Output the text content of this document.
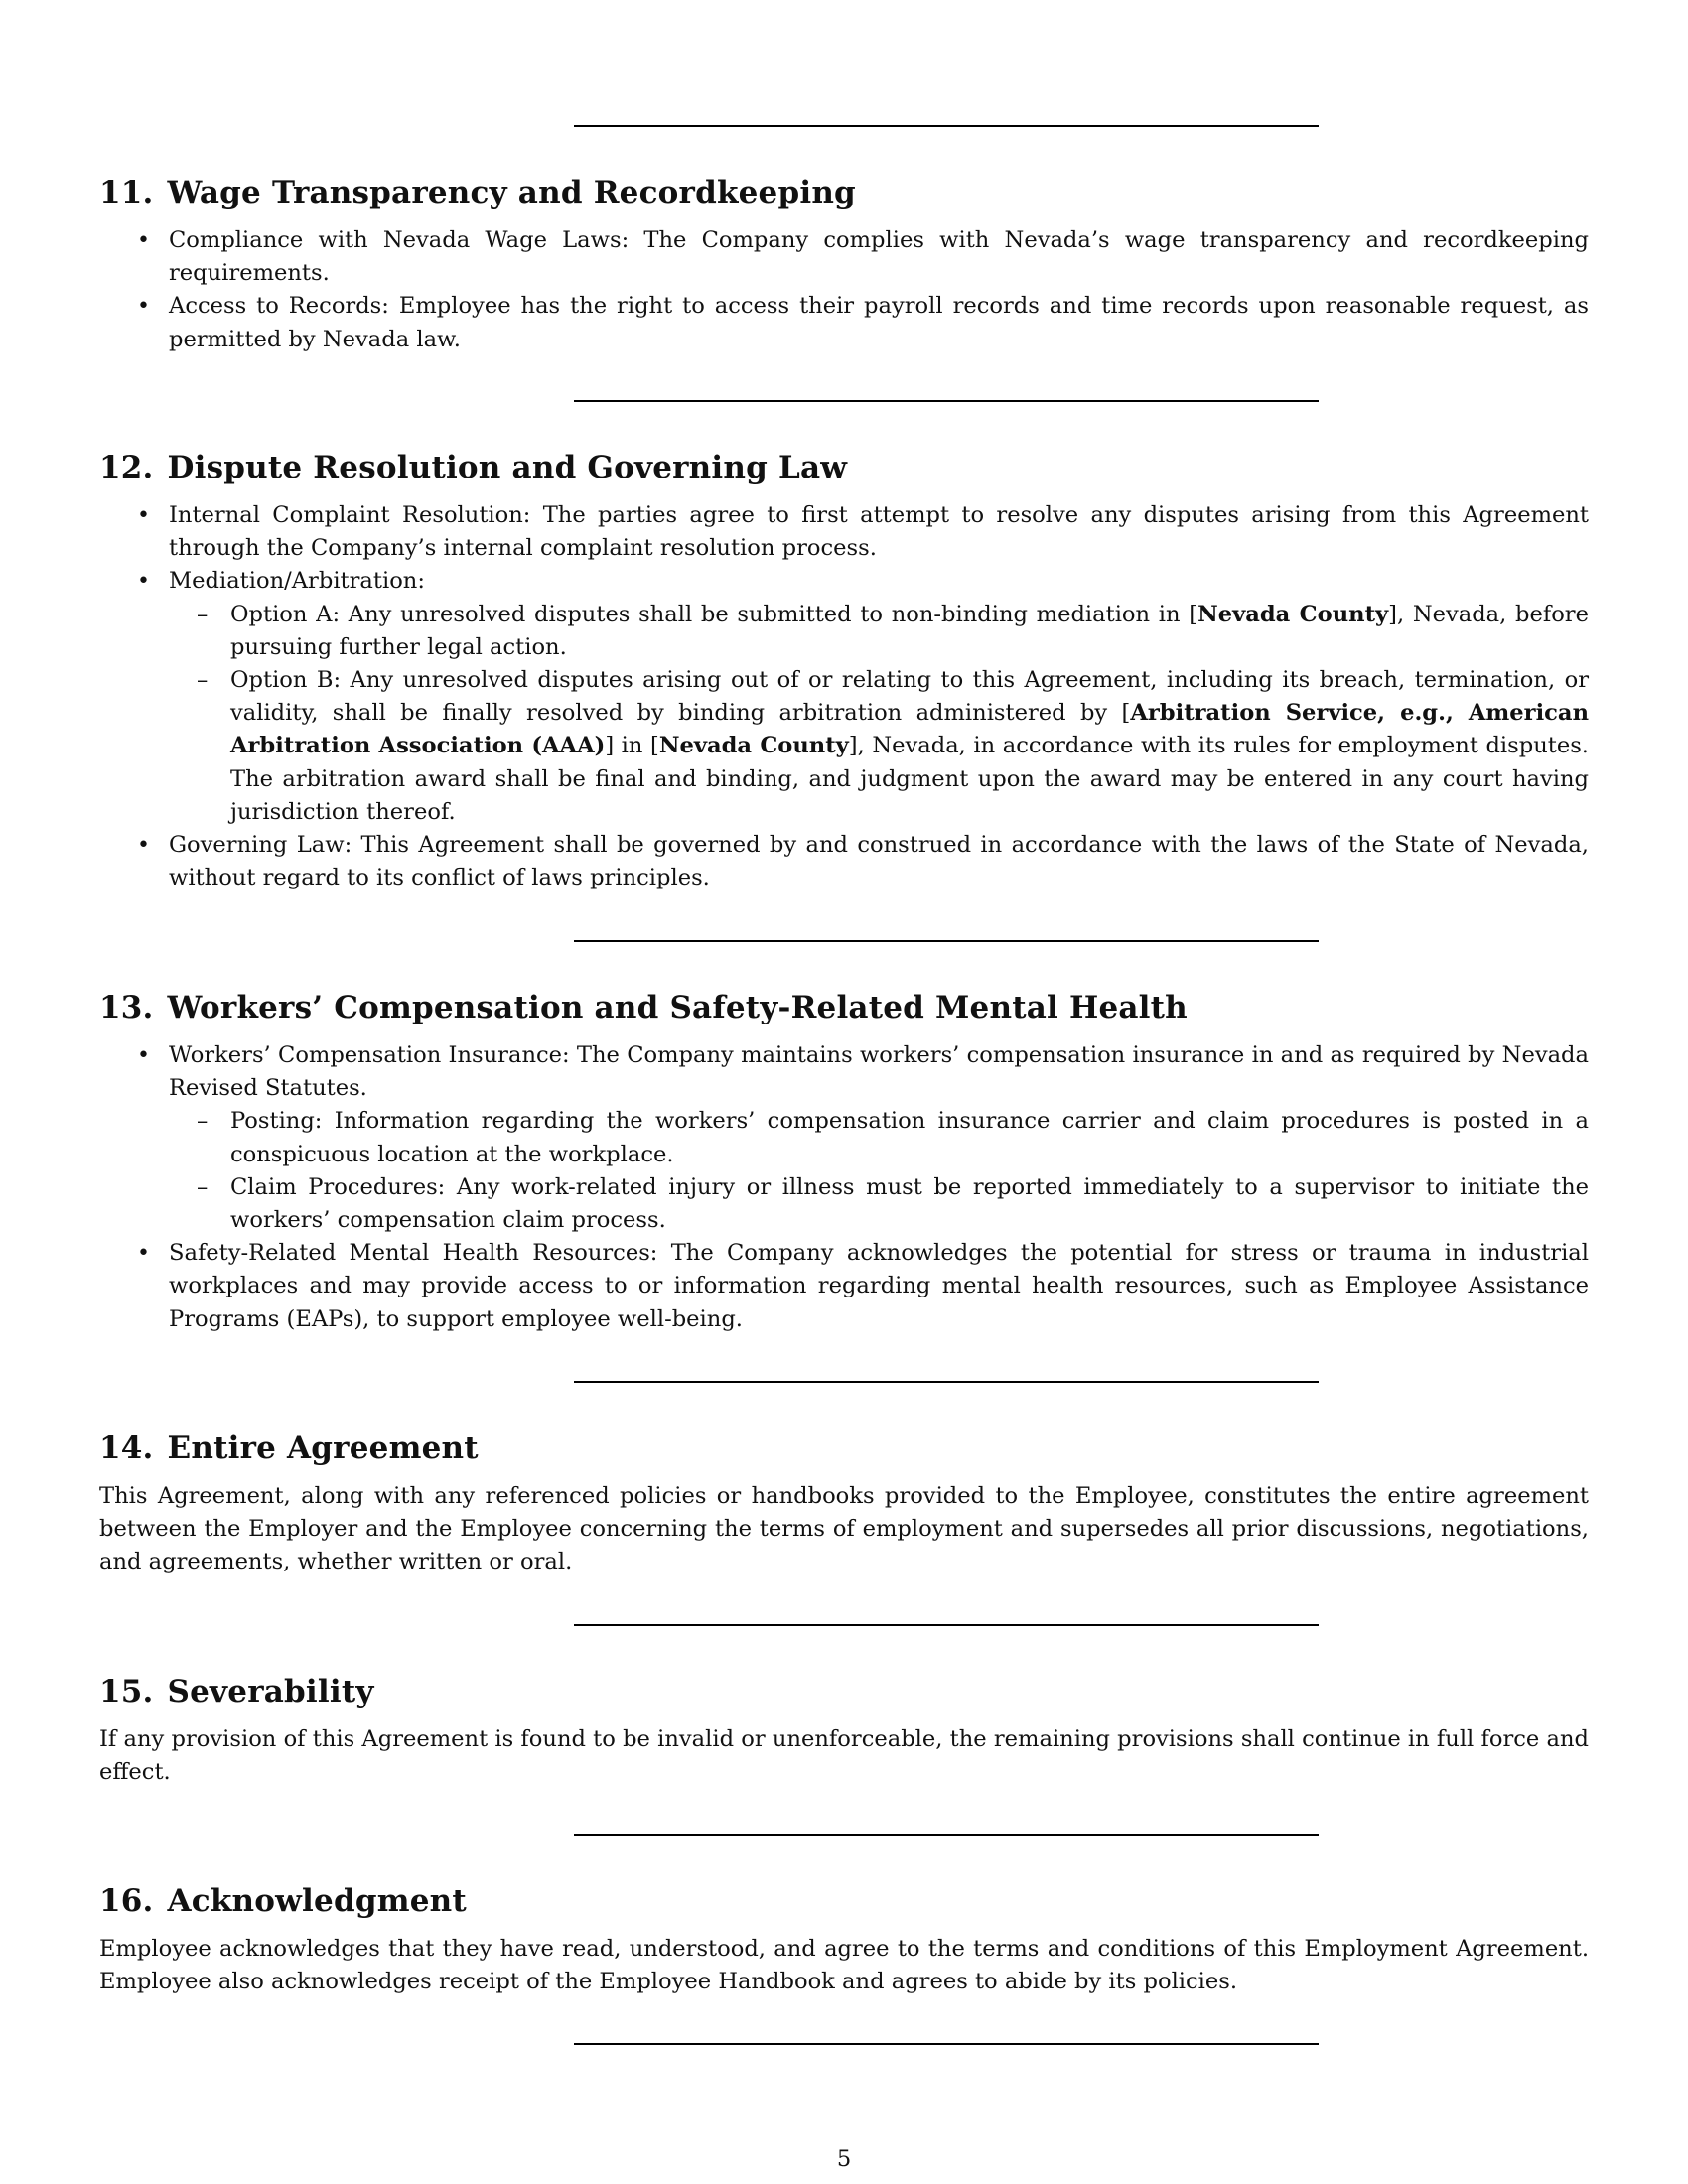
11. Wage Transparency and Recordkeeping
• Compliance with Nevada Wage Laws: The Company complies with Nevada’s wage transparency and recordkeeping requirements.
• Access to Records: Employee has the right to access their payroll records and time records upon reasonable request, as permitted by Nevada law.
12. Dispute Resolution and Governing Law
• Internal Complaint Resolution: The parties agree to first attempt to resolve any disputes arising from this Agreement through the Company’s internal complaint resolution process.
• Mediation/Arbitration:
– Option A: Any unresolved disputes shall be submitted to non-binding mediation in [Nevada County], Nevada, before pursuing further legal action.
– Option B: Any unresolved disputes arising out of or relating to this Agreement, including its breach, termination, or validity, shall be finally resolved by binding arbitration administered by [Arbitration Service, e.g., American Arbitration Association (AAA)] in [Nevada County], Nevada, in accordance with its rules for employment disputes. The arbitration award shall be final and binding, and judgment upon the award may be entered in any court having jurisdiction thereof.
• Governing Law: This Agreement shall be governed by and construed in accordance with the laws of the State of Nevada, without regard to its conflict of laws principles.
13. Workers’ Compensation and Safety-Related Mental Health
• Workers’ Compensation Insurance: The Company maintains workers’ compensation insurance in and as required by Nevada Revised Statutes.
– Posting: Information regarding the workers’ compensation insurance carrier and claim procedures is posted in a conspicuous location at the workplace.
– Claim Procedures: Any work-related injury or illness must be reported immediately to a supervisor to initiate the workers’ compensation claim process.
• Safety-Related Mental Health Resources: The Company acknowledges the potential for stress or trauma in industrial workplaces and may provide access to or information regarding mental health resources, such as Employee Assistance Programs (EAPs), to support employee well-being.
14. Entire Agreement

This Agreement, along with any referenced policies or handbooks provided to the Employee, constitutes the entire agreement between the Employer and the Employee concerning the terms of employment and supersedes all prior discussions, negotiations, and agreements, whether written or oral.

15. Severability

If any provision of this Agreement is found to be invalid or unenforceable, the remaining provisions shall continue in full force and effect.

16. Acknowledgment

Employee acknowledges that they have read, understood, and agree to the terms and conditions of this Employment Agreement. Employee also acknowledges receipt of the Employee Handbook and agrees to abide by its policies.

5
